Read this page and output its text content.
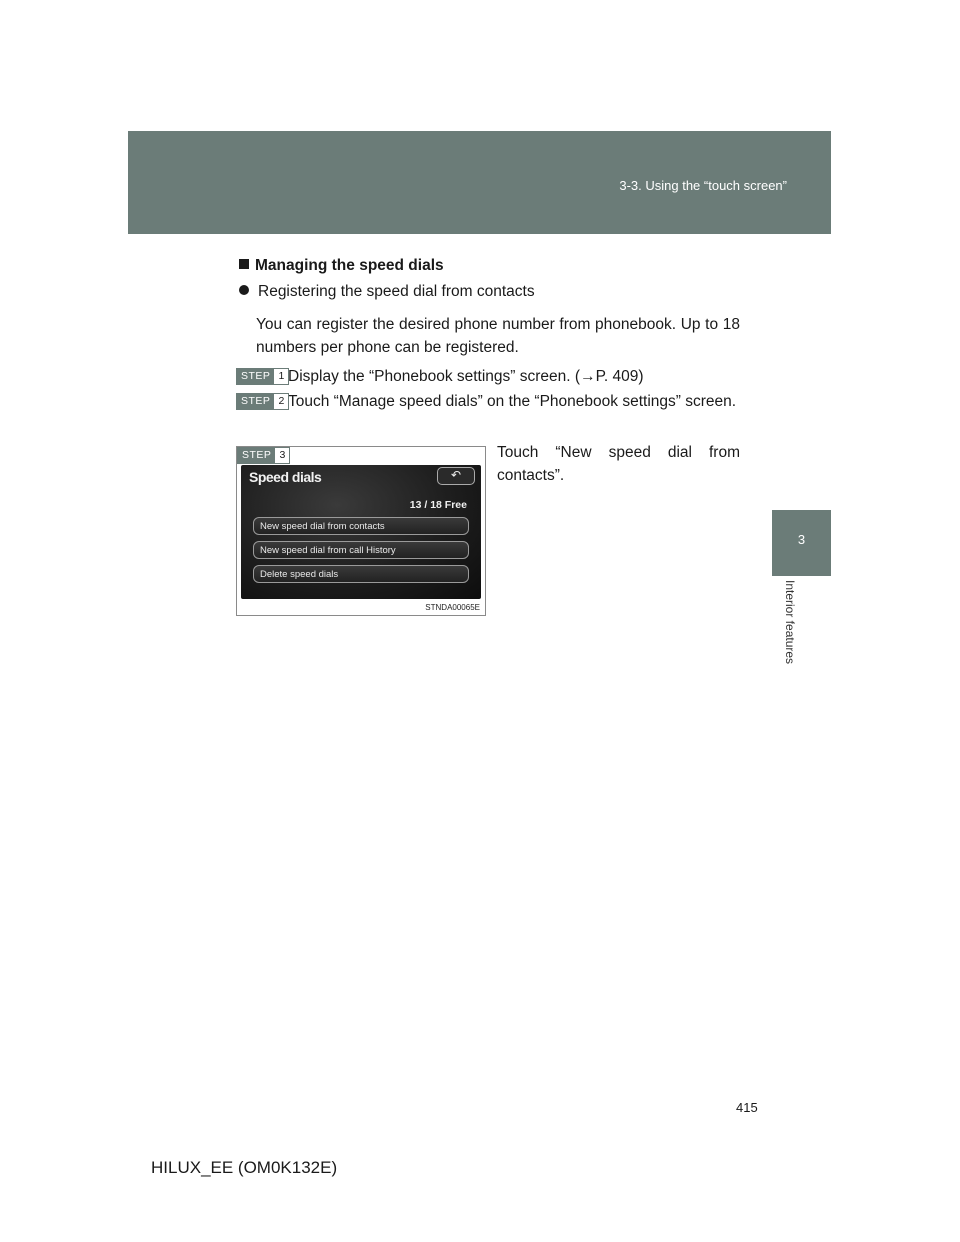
3-3. Using the “touch screen”
3
Interior features
Managing the speed dials
Registering the speed dial from contacts
You can register the desired phone number from phonebook. Up to 18 numbers per phone can be registered.
STEP 1 Display the “Phonebook settings” screen. (→P. 409)
STEP 2 Touch “Manage speed dials” on the “Phonebook settings” screen.
Touch “New speed dial from contacts”.
STEP 3
Speed dials	↶
13 / 18 Free
New speed dial from contacts
New speed dial from call History
Delete speed dials
STNDA00065E
415
HILUX_EE (OM0K132E)
